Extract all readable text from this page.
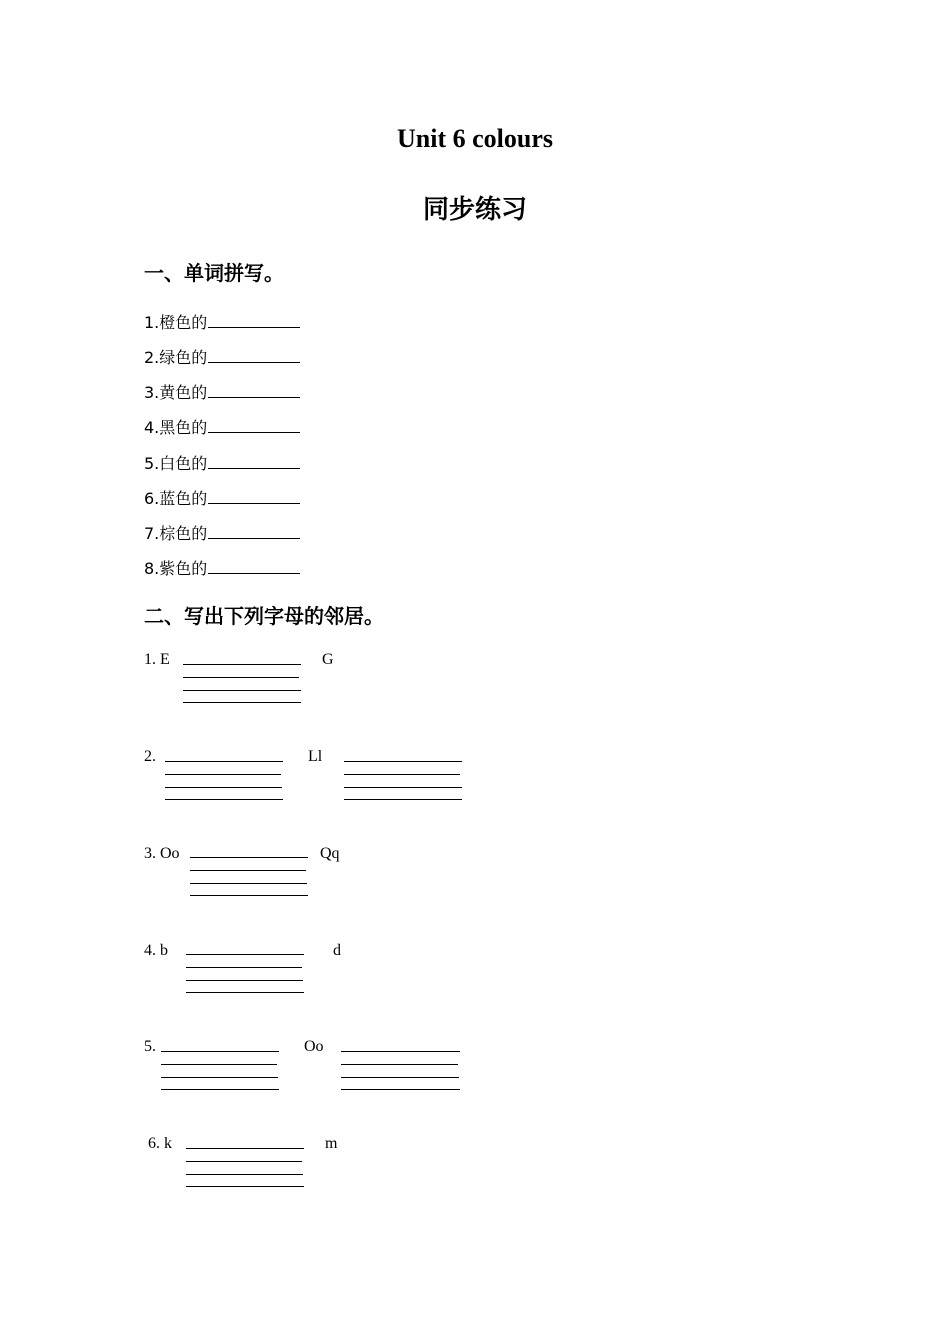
Unit 6 colours
同步练习
一、单词拼写。
1.橙色的
2.绿色的
3.黄色的
4.黑色的
5.白色的
6.蓝色的
7.棕色的
8.紫色的
二、写出下列字母的邻居。
1. E	G
2.	Ll
3. Oo	Qq
4. b	d
5.	Oo
6. k	m
